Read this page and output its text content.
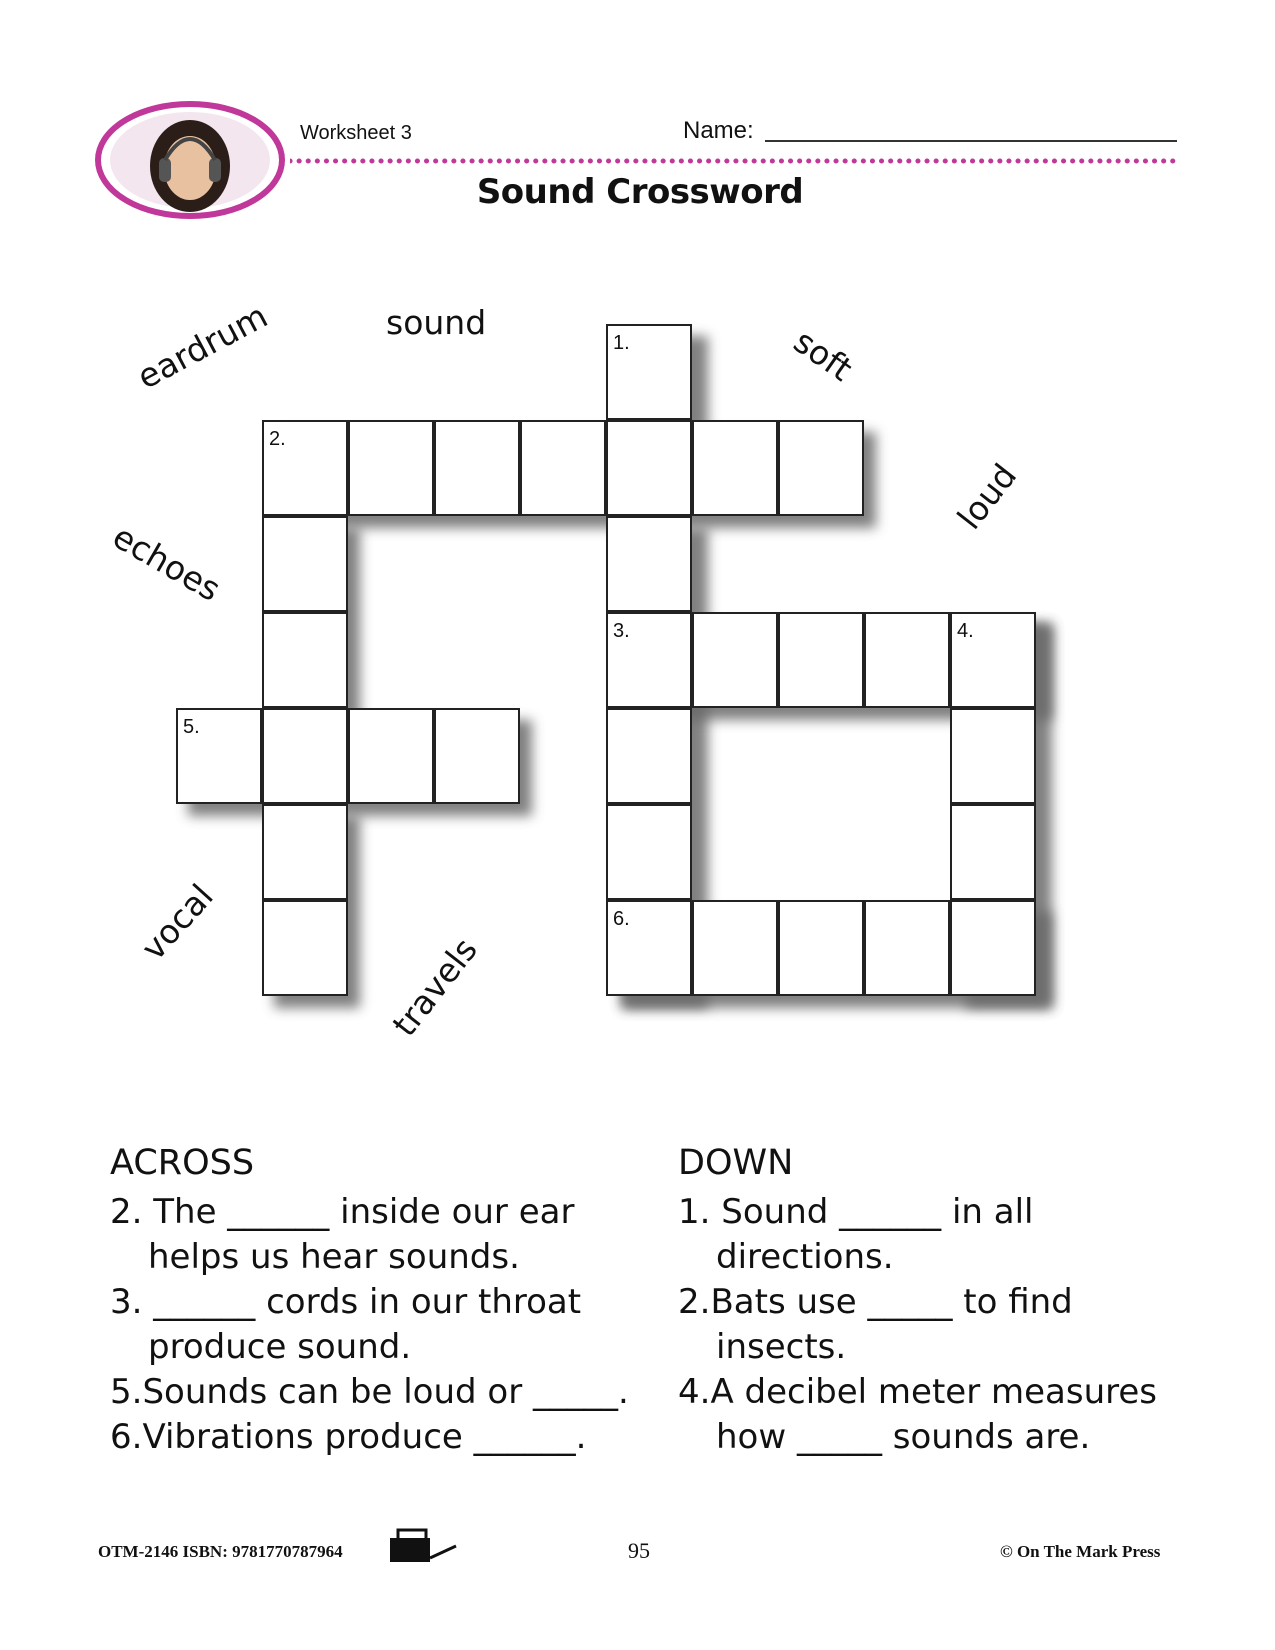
Worksheet 3	Name:
Sound Crossword
eardrum	sound	soft
loud
echoes
vocal
travels
1.
2.
5.
3.	4.
6.
ACROSS
2. The ______ inside our ear
helps us hear sounds.
3. ______ cords in our throat
produce sound.
5.Sounds can be loud or _____.
6.Vibrations produce ______.
DOWN
1. Sound ______ in all
directions.
2.Bats use _____ to find
insects.
4.A decibel meter measures
how _____ sounds are.
OTM-2146 ISBN: 9781770787964	95	© On The Mark Press
